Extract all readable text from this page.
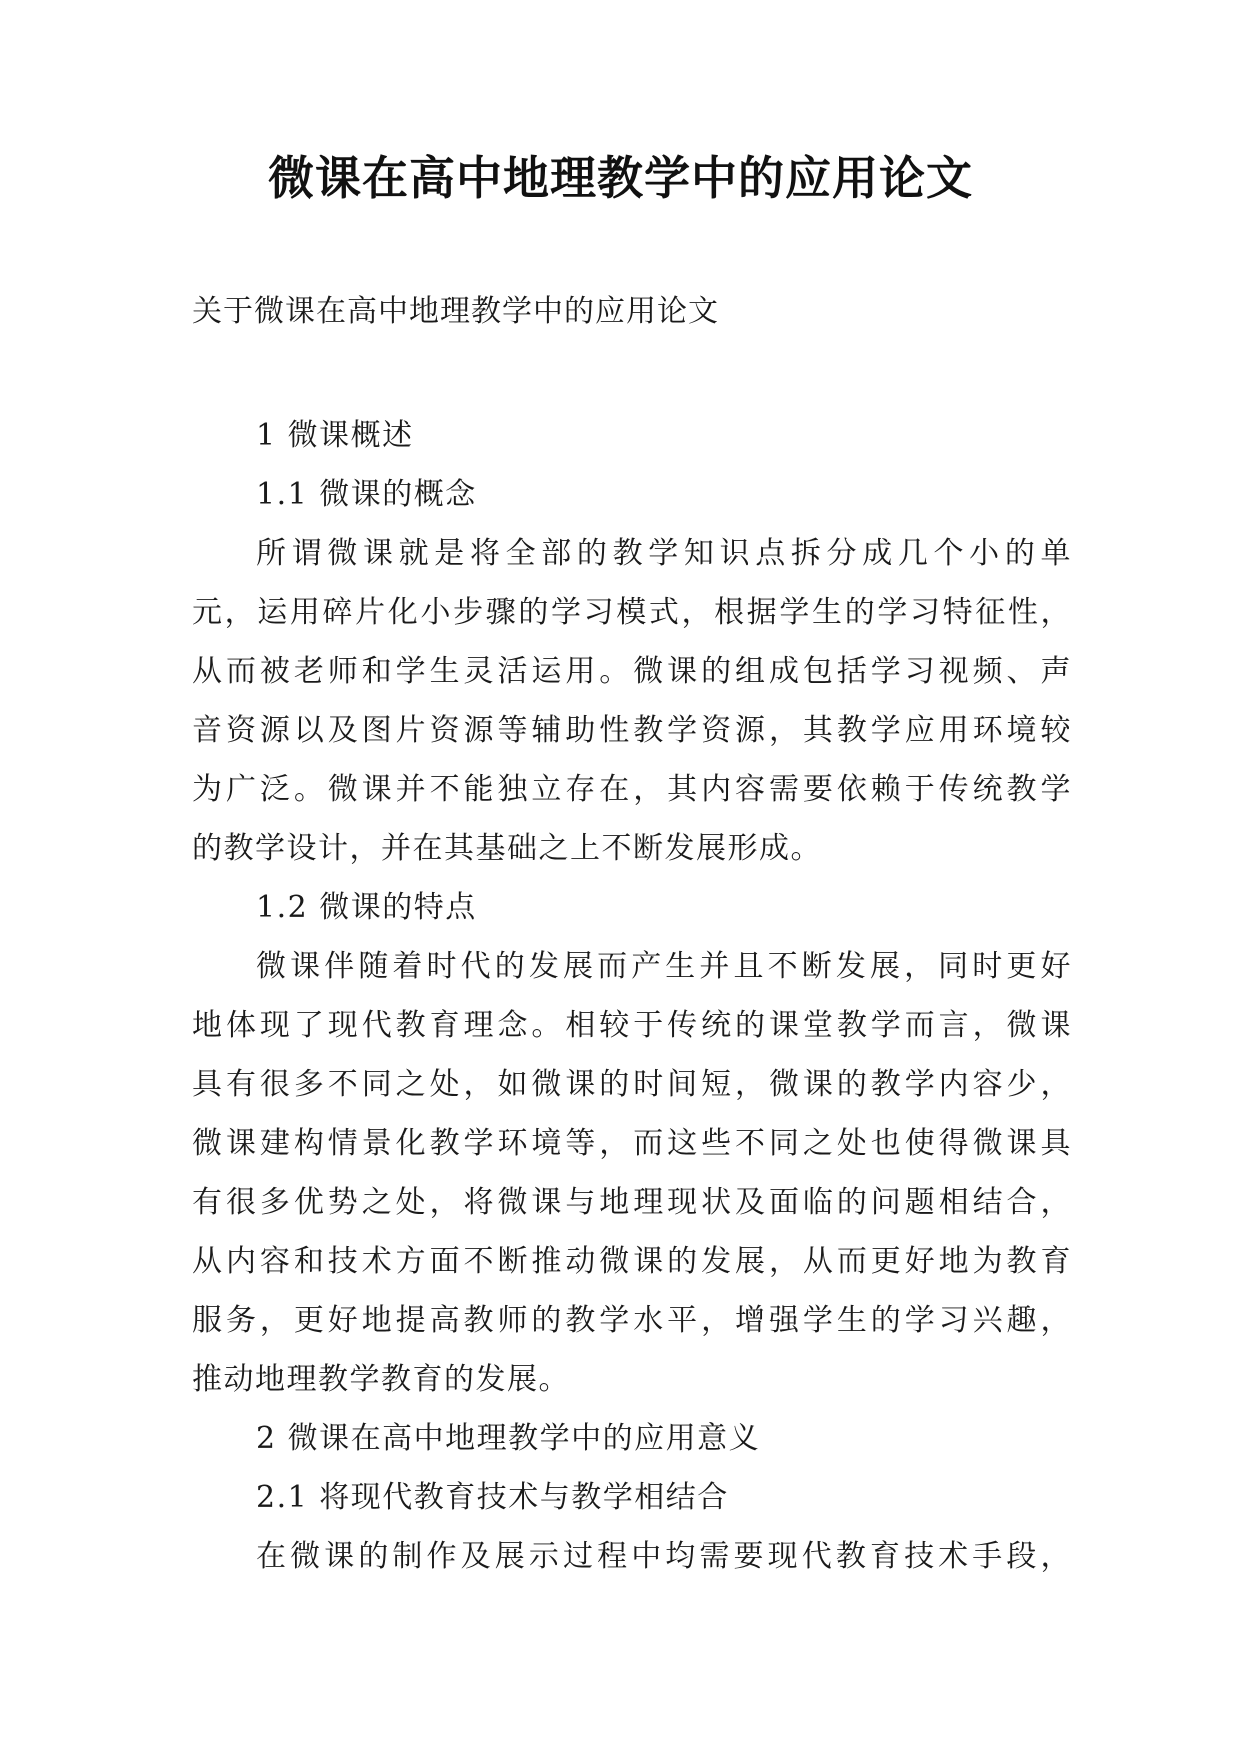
微课在高中地理教学中的应用论文
关于微课在高中地理教学中的应用论文
1 微课概述
1.1 微课的概念
所谓微课就是将全部的教学知识点拆分成几个小的单
元，运用碎片化小步骤的学习模式，根据学生的学习特征性，
从而被老师和学生灵活运用。微课的组成包括学习视频、声
音资源以及图片资源等辅助性教学资源，其教学应用环境较
为广泛。微课并不能独立存在，其内容需要依赖于传统教学
的教学设计，并在其基础之上不断发展形成。
1.2 微课的特点
微课伴随着时代的发展而产生并且不断发展，同时更好
地体现了现代教育理念。相较于传统的课堂教学而言，微课
具有很多不同之处，如微课的时间短，微课的教学内容少，
微课建构情景化教学环境等，而这些不同之处也使得微课具
有很多优势之处，将微课与地理现状及面临的问题相结合，
从内容和技术方面不断推动微课的发展，从而更好地为教育
服务，更好地提高教师的教学水平，增强学生的学习兴趣，
推动地理教学教育的发展。
2 微课在高中地理教学中的应用意义
2.1 将现代教育技术与教学相结合
在微课的制作及展示过程中均需要现代教育技术手段，
